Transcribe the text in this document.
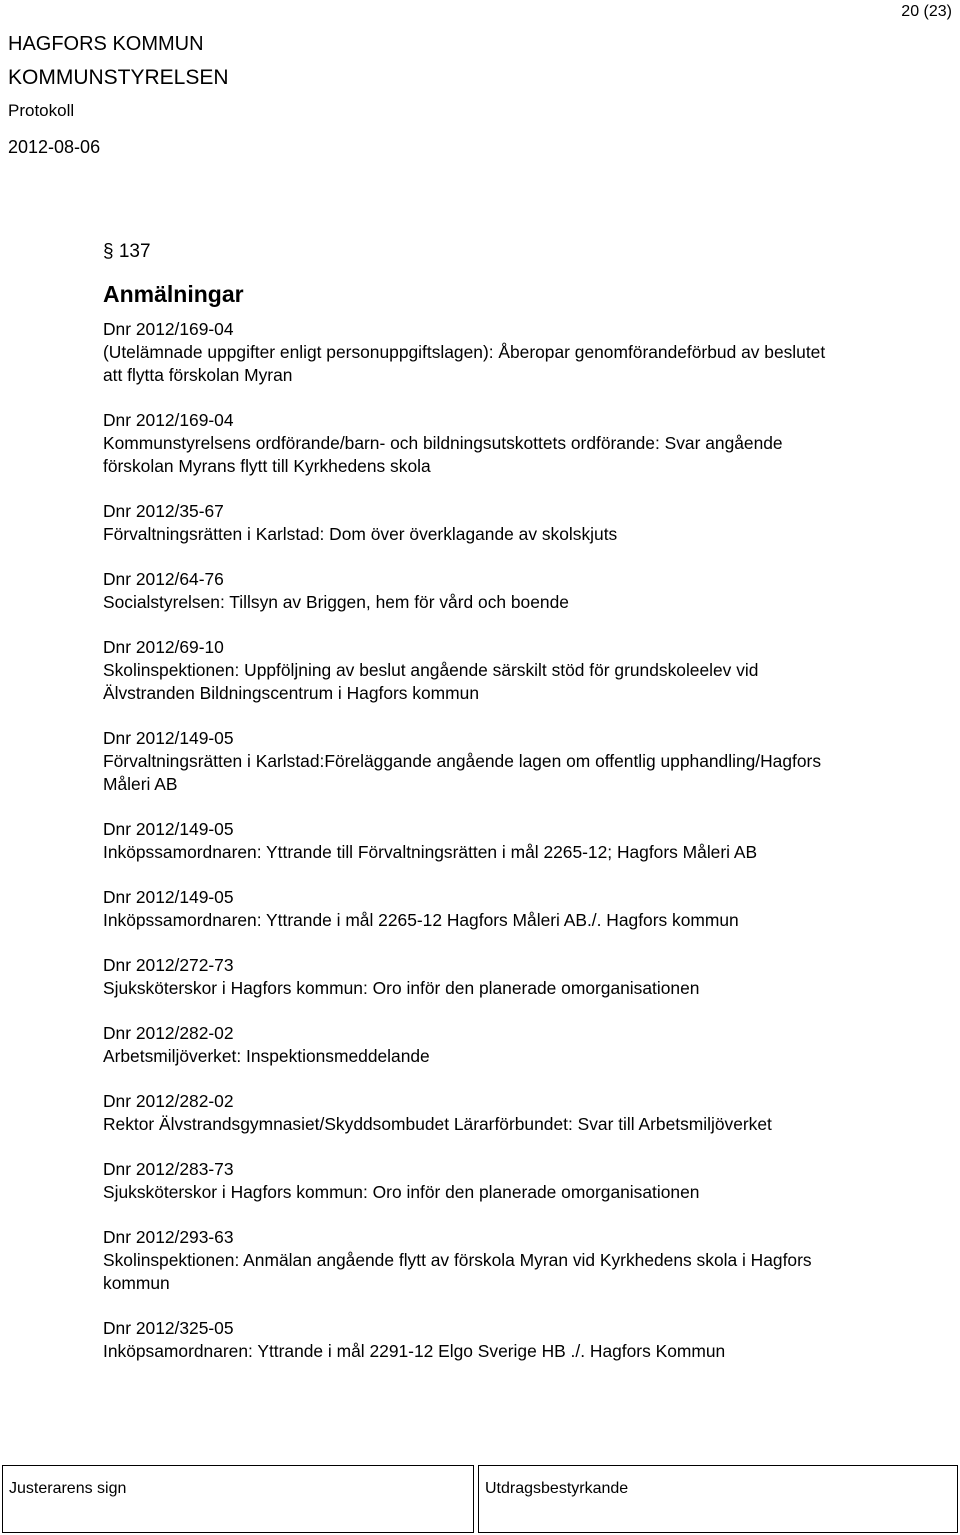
20 (23)
HAGFORS KOMMUN
KOMMUNSTYRELSEN
Protokoll
2012-08-06
§ 137
Anmälningar
Dnr 2012/169-04
(Utelämnade uppgifter enligt personuppgiftslagen): Åberopar genomförandeförbud av beslutet
att flytta förskolan Myran
Dnr 2012/169-04
Kommunstyrelsens ordförande/barn- och bildningsutskottets ordförande: Svar angående
förskolan Myrans flytt till Kyrkhedens skola
Dnr 2012/35-67
Förvaltningsrätten i Karlstad: Dom över överklagande av skolskjuts
Dnr 2012/64-76
Socialstyrelsen: Tillsyn av Briggen, hem för vård och boende
Dnr 2012/69-10
Skolinspektionen: Uppföljning av beslut angående särskilt stöd för grundskoleelev vid
Älvstranden Bildningscentrum i Hagfors kommun
Dnr 2012/149-05
Förvaltningsrätten i Karlstad:Föreläggande angående lagen om offentlig upphandling/Hagfors
Måleri AB
Dnr 2012/149-05
Inköpssamordnaren: Yttrande till Förvaltningsrätten i mål 2265-12; Hagfors Måleri AB
Dnr 2012/149-05
Inköpssamordnaren: Yttrande i mål 2265-12 Hagfors Måleri AB./. Hagfors kommun
Dnr 2012/272-73
Sjuksköterskor i Hagfors kommun: Oro inför den planerade omorganisationen
Dnr 2012/282-02
Arbetsmiljöverket: Inspektionsmeddelande
Dnr 2012/282-02
Rektor Älvstrandsgymnasiet/Skyddsombudet Lärarförbundet: Svar till Arbetsmiljöverket
Dnr 2012/283-73
Sjuksköterskor i Hagfors kommun: Oro inför den planerade omorganisationen
Dnr 2012/293-63
Skolinspektionen: Anmälan angående flytt av förskola Myran vid Kyrkhedens skola i Hagfors
kommun
Dnr 2012/325-05
Inköpsamordnaren: Yttrande i mål 2291-12 Elgo Sverige HB ./. Hagfors Kommun
Justerarens sign	Utdragsbestyrkande
